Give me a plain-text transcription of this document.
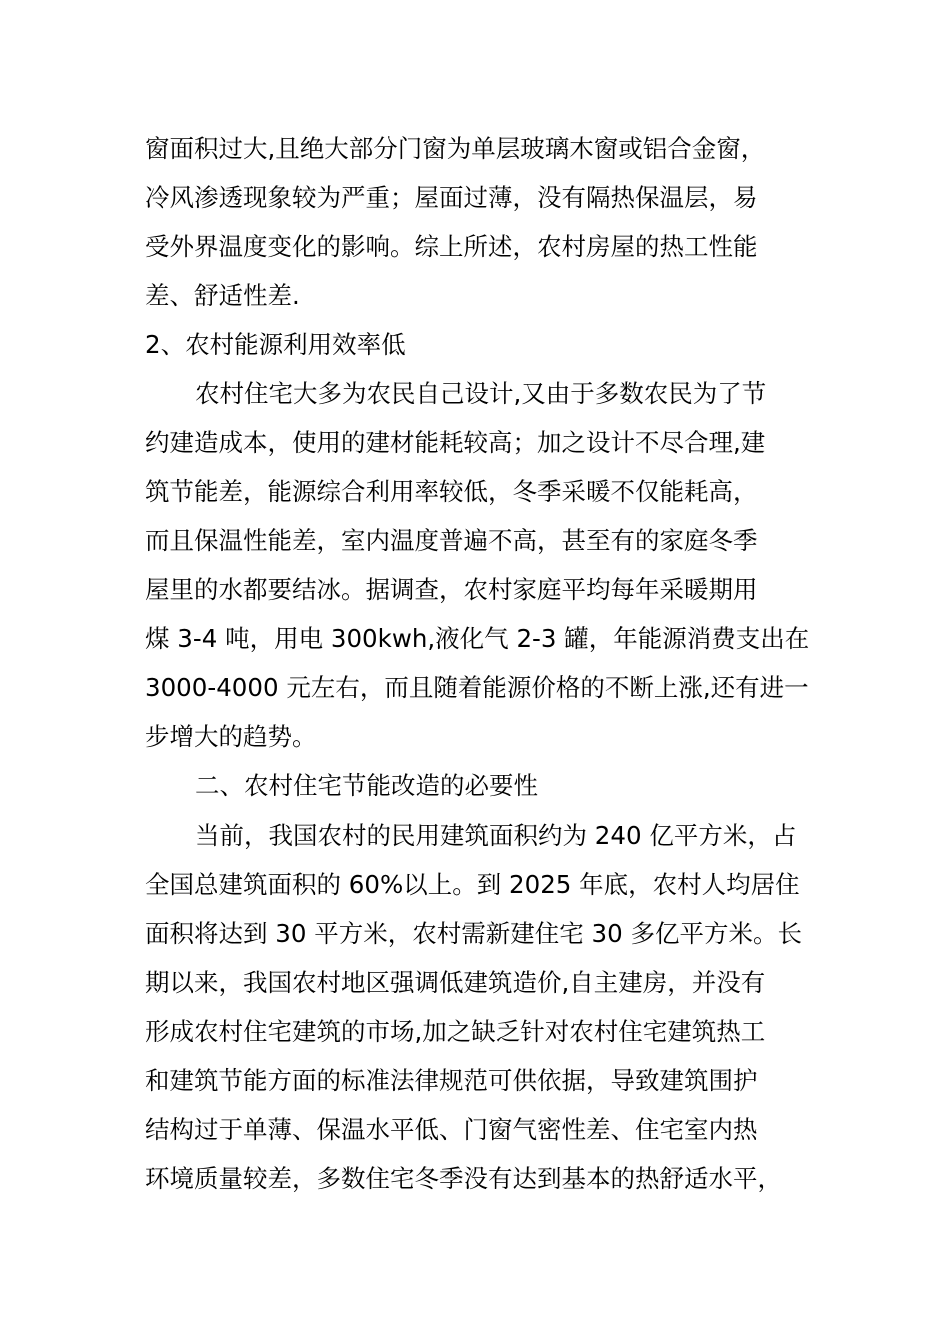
窗面积过大,且绝大部分门窗为单层玻璃木窗或铝合金窗，
冷风渗透现象较为严重；屋面过薄，没有隔热保温层，易
受外界温度变化的影响。综上所述，农村房屋的热工性能
差、舒适性差.
2、农村能源利用效率低
农村住宅大多为农民自己设计,又由于多数农民为了节
约建造成本，使用的建材能耗较高；加之设计不尽合理,建
筑节能差，能源综合利用率较低，冬季采暖不仅能耗高，
而且保温性能差，室内温度普遍不高，甚至有的家庭冬季
屋里的水都要结冰。据调查，农村家庭平均每年采暖期用
煤 3-4 吨，用电 300kwh,液化气 2-3 罐，年能源消费支出在
3000-4000 元左右，而且随着能源价格的不断上涨,还有进一
步增大的趋势。
二、农村住宅节能改造的必要性
当前，我国农村的民用建筑面积约为 240 亿平方米，占
全国总建筑面积的 60%以上。到 2025 年底，农村人均居住
面积将达到 30 平方米，农村需新建住宅 30 多亿平方米。长
期以来，我国农村地区强调低建筑造价,自主建房，并没有
形成农村住宅建筑的市场,加之缺乏针对农村住宅建筑热工
和建筑节能方面的标准法律规范可供依据，导致建筑围护
结构过于单薄、保温水平低、门窗气密性差、住宅室内热
环境质量较差，多数住宅冬季没有达到基本的热舒适水平，
